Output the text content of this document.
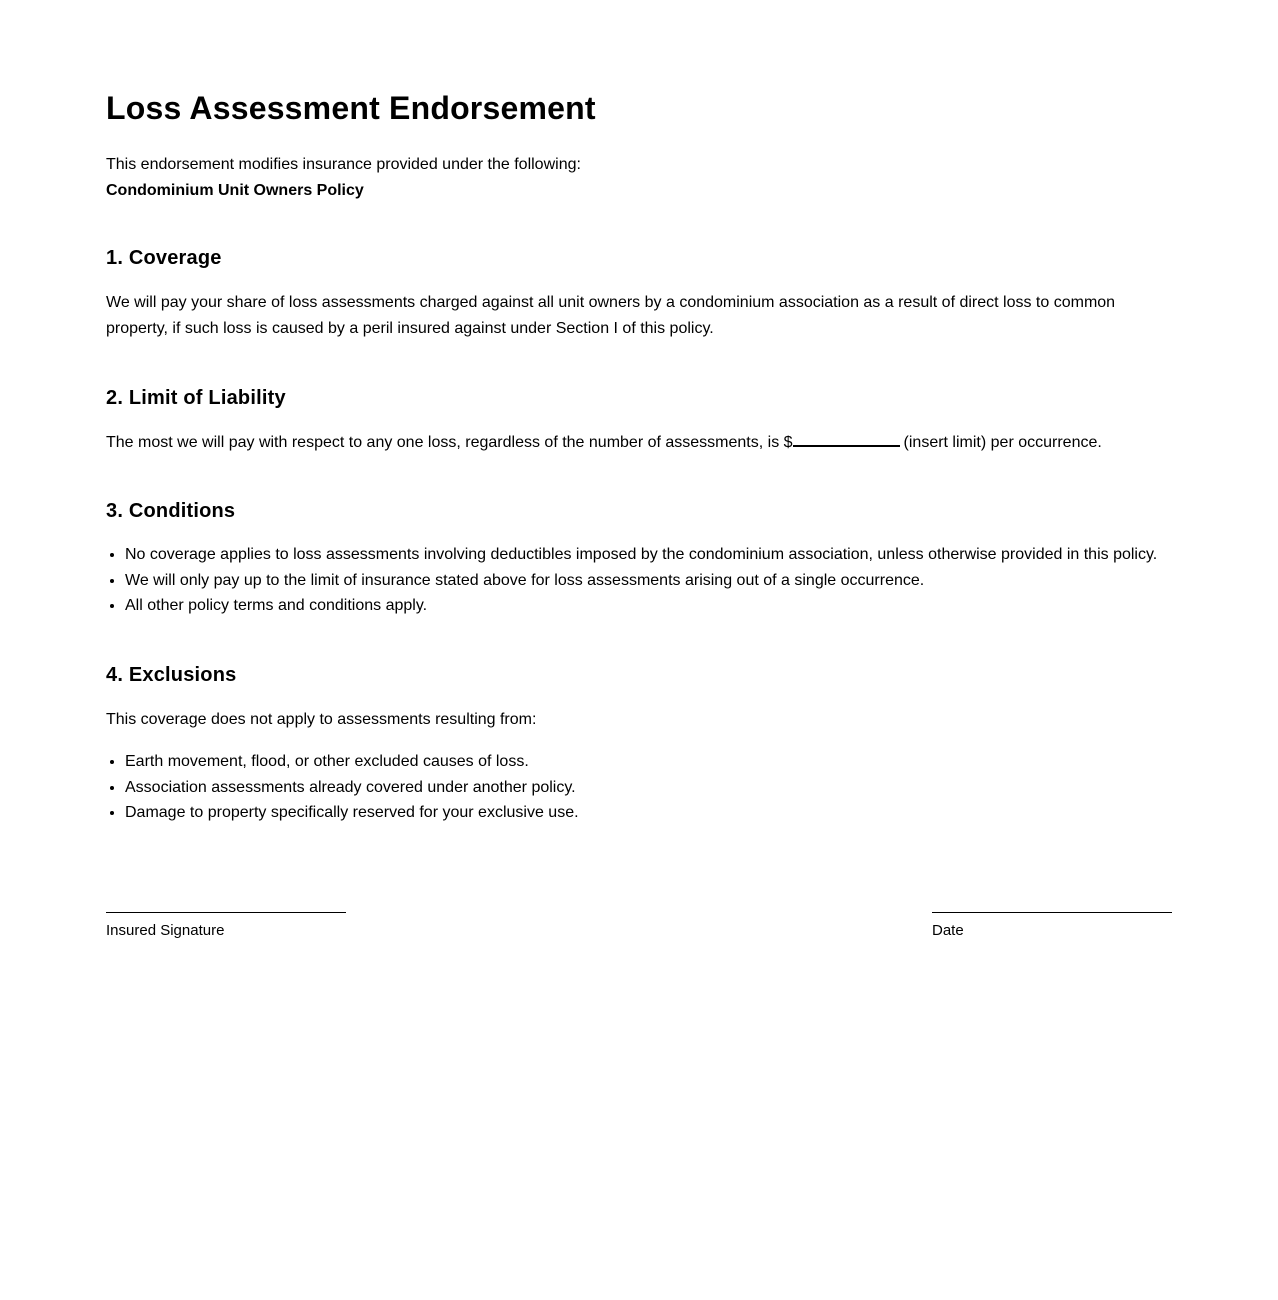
Loss Assessment Endorsement
This endorsement modifies insurance provided under the following:
Condominium Unit Owners Policy
1. Coverage

We will pay your share of loss assessments charged against all unit owners by a condominium association as a result of direct loss to common property, if such loss is caused by a peril insured against under Section I of this policy.

2. Limit of Liability

The most we will pay with respect to any one loss, regardless of the number of assessments, is $	(insert limit) per occurrence.

3. Conditions
• No coverage applies to loss assessments involving deductibles imposed by the condominium association, unless otherwise provided in this policy.
• We will only pay up to the limit of insurance stated above for loss assessments arising out of a single occurrence.
• All other policy terms and conditions apply.
4. Exclusions

This coverage does not apply to assessments resulting from:

• Earth movement, flood, or other excluded causes of loss.
• Association assessments already covered under another policy.
• Damage to property specifically reserved for your exclusive use.
Insured Signature	Date
